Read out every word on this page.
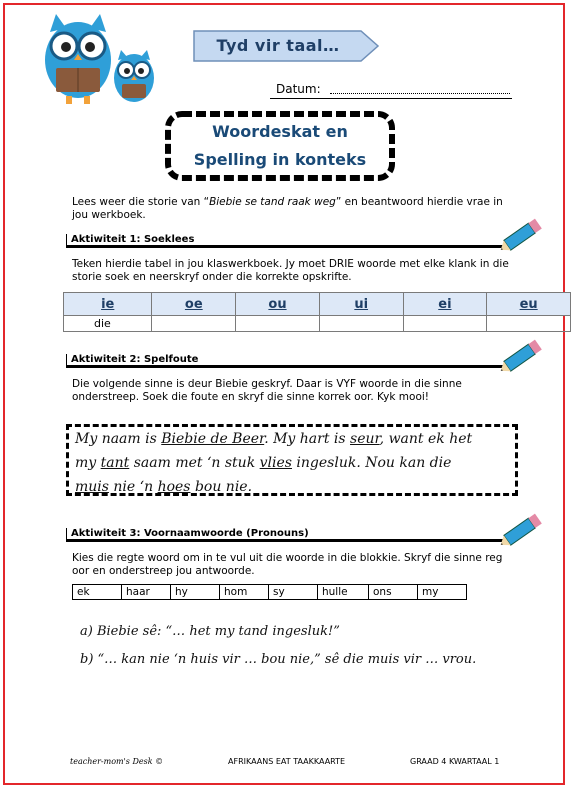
Tyd vir taal…
Datum:
Woordeskat en
Spelling in konteks
Lees weer die storie van “Biebie se tand raak weg” en beantwoord hierdie vrae in jou werkboek.
Aktiwiteit 1: Soeklees
Teken hierdie tabel in jou klaswerkboek. Jy moet DRIE woorde met elke klank in die storie soek en neerskryf onder die korrekte opskrifte.
ie	oe	ou	ui	ei	eu
die					
Aktiwiteit 2: Spelfoute
Die volgende sinne is deur Biebie geskryf. Daar is VYF woorde in die sinne onderstreep. Soek die foute en skryf die sinne korrek oor. Kyk mooi!
My naam is Biebie de Beer. My hart is seur, want ek het
my tant saam met ‘n stuk vlies ingesluk. Nou kan die
muis nie ‘n hoes bou nie.
Aktiwiteit 3: Voornaamwoorde (Pronouns)
Kies die regte woord om in te vul uit die woorde in die blokkie. Skryf die sinne reg oor en onderstreep jou antwoorde.
ek	haar	hy	hom	sy	hulle	ons	my
a) Biebie sê: “… het my tand ingesluk!”
b) “… kan nie ‘n huis vir … bou nie,” sê die muis vir … vrou.
teacher-mom's Desk ©	AFRIKAANS EAT TAAKKAARTE	GRAAD 4 KWARTAAL 1
